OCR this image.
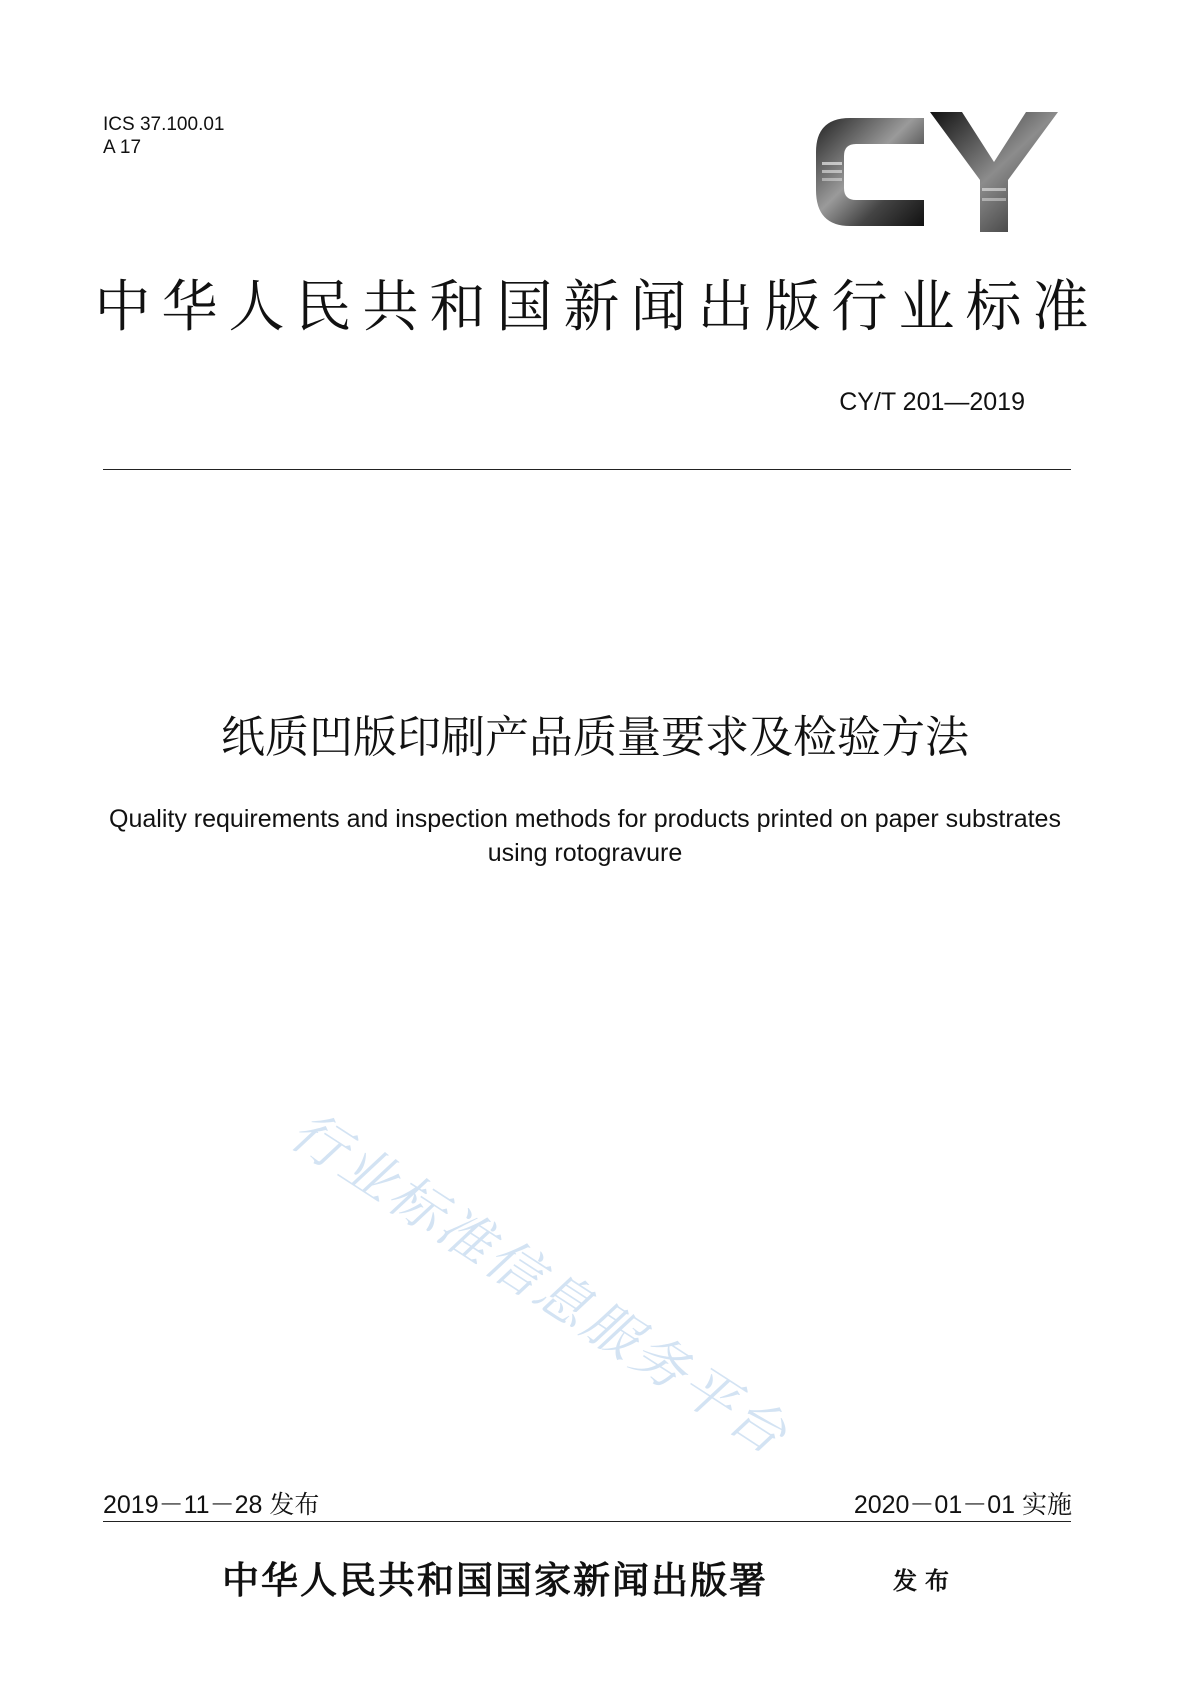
ICS 37.100.01
A 17
中华人民共和国新闻出版行业标准
CY/T 201—2019
纸质凹版印刷产品质量要求及检验方法
Quality requirements and inspection methods for products printed on paper substrates using rotogravure
行业标准信息服务平台
2019－11－28 发布	2020－01－01 实施
中华人民共和国国家新闻出版署	发布
